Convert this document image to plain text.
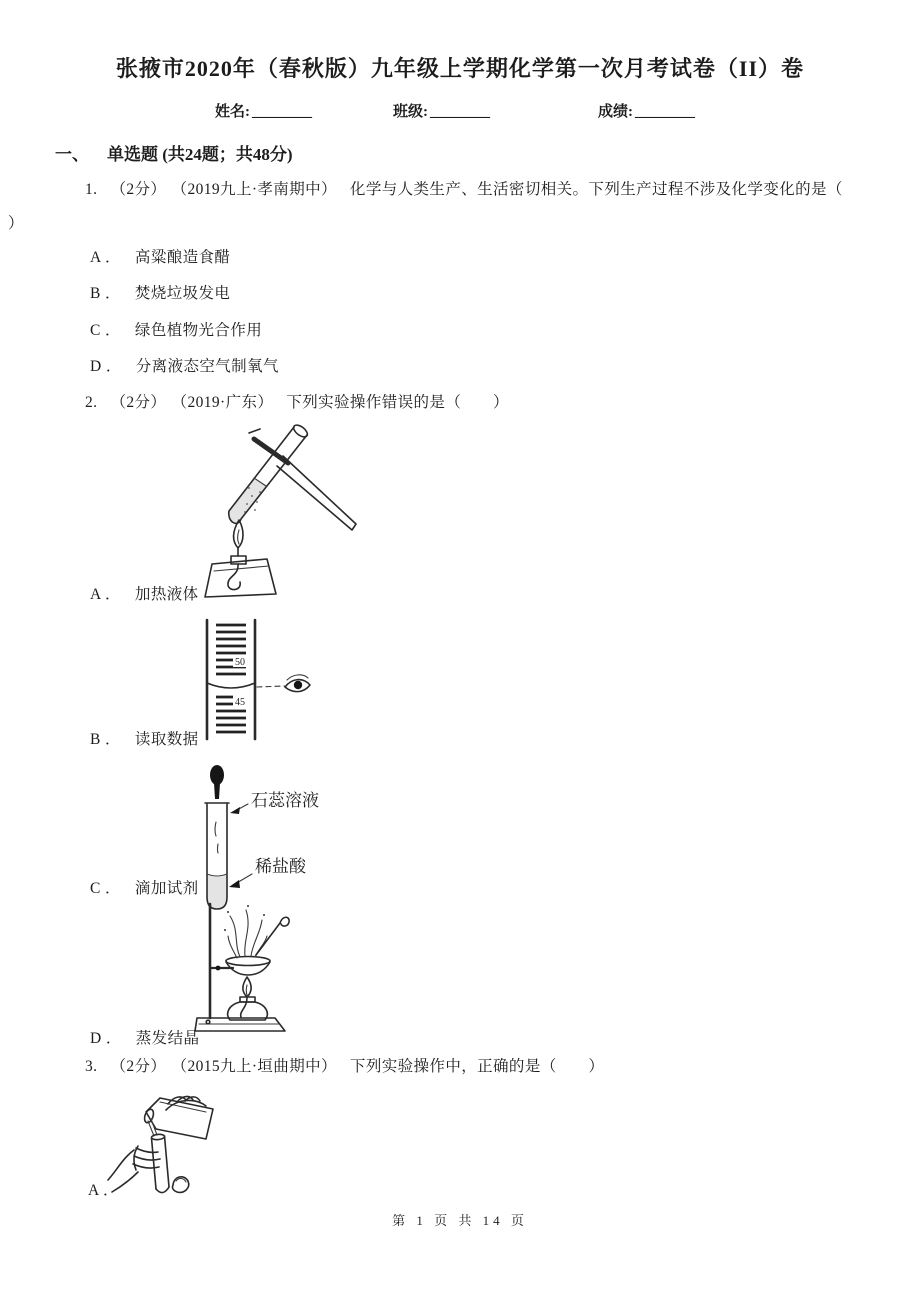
张掖市2020年（春秋版）九年级上学期化学第一次月考试卷（II）卷
姓名: ________	班级: ________	成绩: ________
一、 单选题 (共24题；共48分)
1. （2分） （2019九上·孝南期中） 化学与人类生产、生活密切相关。下列生产过程不涉及化学变化的是（
）
A ． 高粱酿造食醋
B ． 焚烧垃圾发电
C ． 绿色植物光合作用
D ． 分离液态空气制氧气
2. （2分） （2019·广东） 下列实验操作错误的是（　　）
A ． 加热液体
50
45
B ． 读取数据
石蕊溶液
稀盐酸
C ． 滴加试剂
D ． 蒸发结晶
3. （2分） （2015九上·垣曲期中） 下列实验操作中，正确的是（　　）
A ．
第 1 页 共 14 页
